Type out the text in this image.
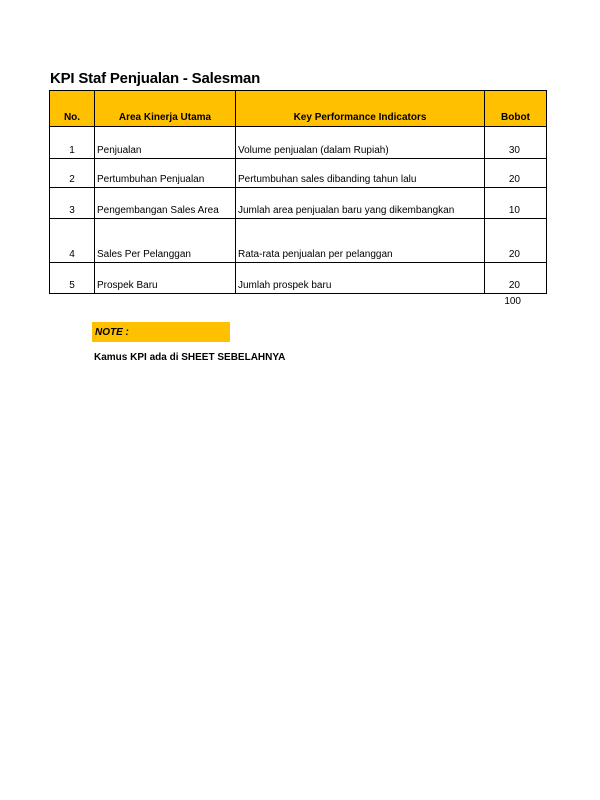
KPI Staf Penjualan - Salesman
No.	Area Kinerja Utama	Key Performance Indicators	Bobot
1	Penjualan	Volume penjualan (dalam Rupiah)	30
2	Pertumbuhan Penjualan	Pertumbuhan sales dibanding tahun lalu	20
3	Pengembangan Sales Area	Jumlah area penjualan baru yang dikembangkan	10
4	Sales Per Pelanggan	Rata-rata penjualan per pelanggan	20
5	Prospek Baru	Jumlah prospek baru	20
100
NOTE :
Kamus KPI ada di SHEET SEBELAHNYA
